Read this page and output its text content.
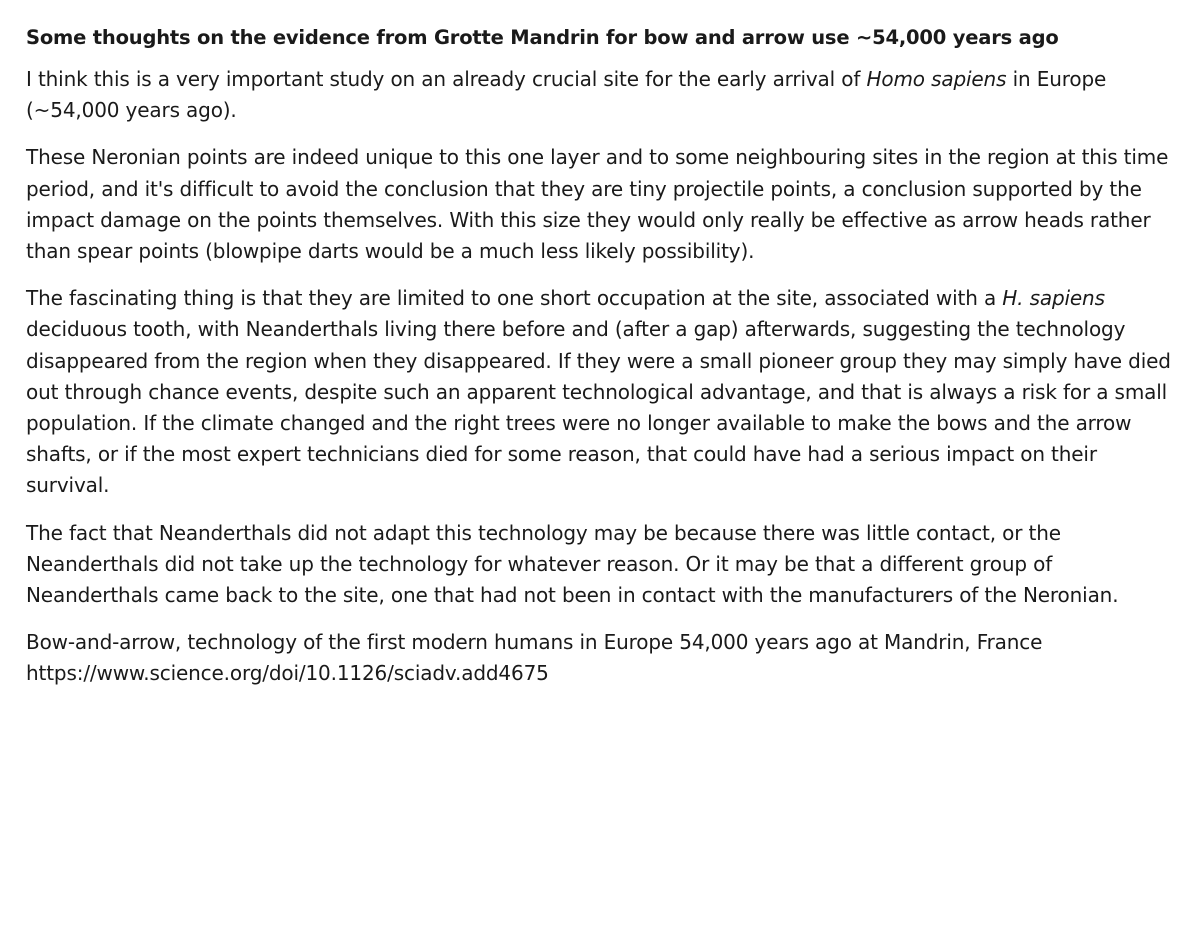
Some thoughts on the evidence from Grotte Mandrin for bow and arrow use ~54,000 years ago

I think this is a very important study on an already crucial site for the early arrival of Homo sapiens in Europe (~54,000 years ago).

These Neronian points are indeed unique to this one layer and to some neighbouring sites in the region at this time period, and it's difficult to avoid the conclusion that they are tiny projectile points, a conclusion supported by the impact damage on the points themselves. With this size they would only really be effective as arrow heads rather than spear points (blowpipe darts would be a much less likely possibility).

The fascinating thing is that they are limited to one short occupation at the site, associated with a H. sapiens deciduous tooth, with Neanderthals living there before and (after a gap) afterwards, suggesting the technology disappeared from the region when they disappeared. If they were a small pioneer group they may simply have died out through chance events, despite such an apparent technological advantage, and that is always a risk for a small population. If the climate changed and the right trees were no longer available to make the bows and the arrow shafts, or if the most expert technicians died for some reason, that could have had a serious impact on their survival.

The fact that Neanderthals did not adapt this technology may be because there was little contact, or the Neanderthals did not take up the technology for whatever reason. Or it may be that a different group of Neanderthals came back to the site, one that had not been in contact with the manufacturers of the Neronian.

Bow-and-arrow, technology of the first modern humans in Europe 54,000 years ago at Mandrin, France  https://www.science.org/doi/10.1126/sciadv.add4675
